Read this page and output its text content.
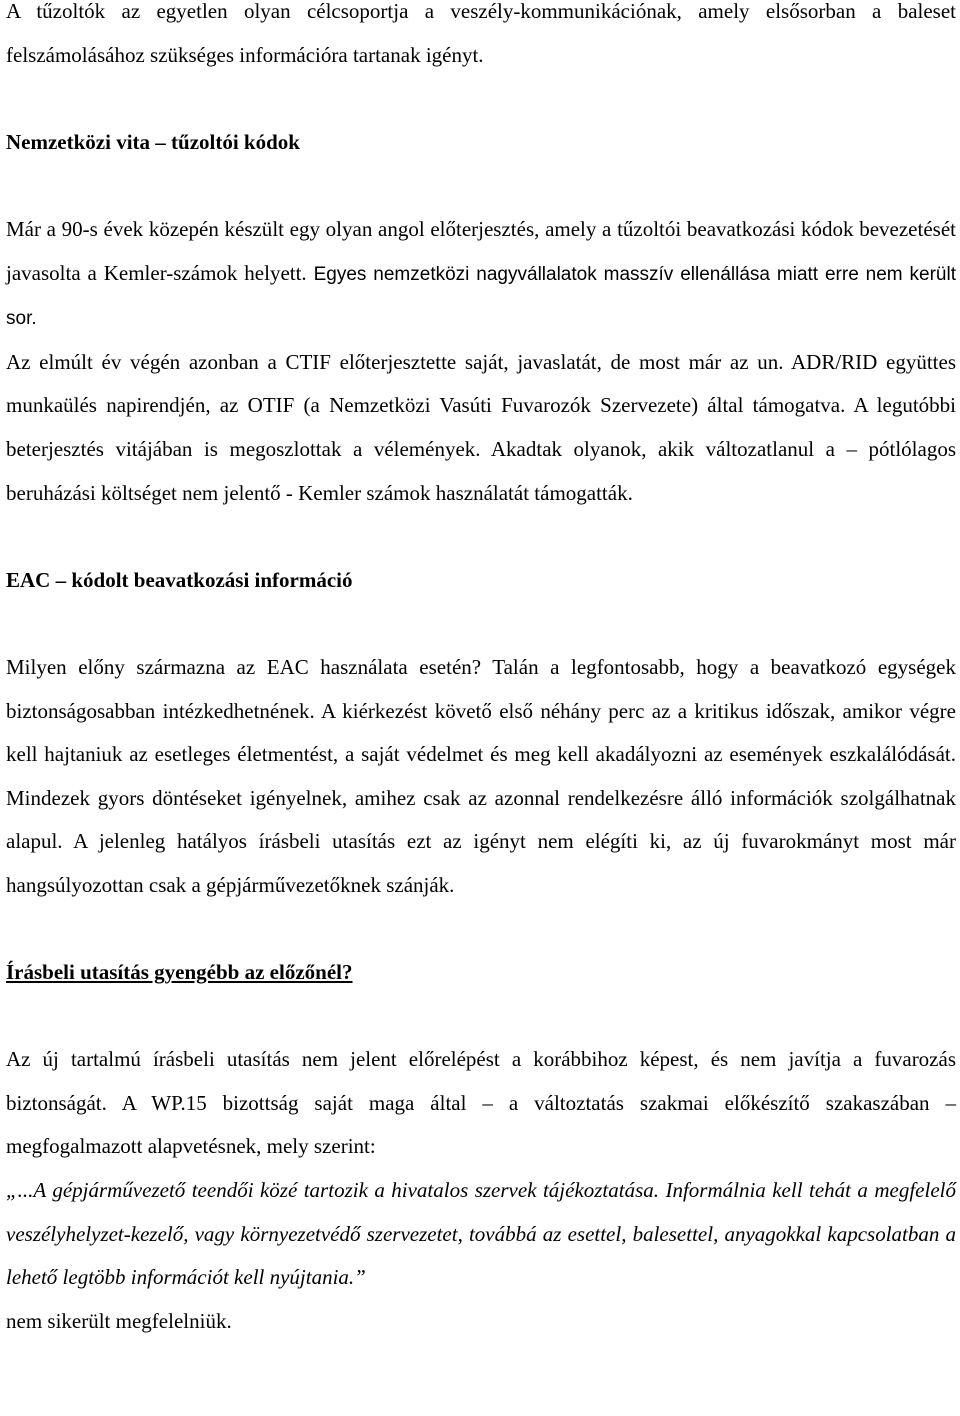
A tűzoltók az egyetlen olyan célcsoportja a veszély-kommunikációnak, amely elsősorban a baleset felszámolásához szükséges információra tartanak igényt.

Nemzetközi vita – tűzoltói kódok

Már a 90-s évek közepén készült egy olyan angol előterjesztés, amely a tűzoltói beavatkozási kódok bevezetését javasolta a Kemler-számok helyett. Egyes nemzetközi nagyvállalatok masszív ellenállása miatt erre nem került sor.

Az elmúlt év végén azonban a CTIF előterjesztette saját, javaslatát, de most már az un. ADR/RID együttes munkaülés napirendjén, az OTIF (a Nemzetközi Vasúti Fuvarozók Szervezete) által támogatva. A legutóbbi beterjesztés vitájában is megoszlottak a vélemények. Akadtak olyanok, akik változatlanul a – pótlólagos beruházási költséget nem jelentő - Kemler számok használatát támogatták.

EAC – kódolt beavatkozási információ

Milyen előny származna az EAC használata esetén? Talán a legfontosabb, hogy a beavatkozó egységek biztonságosabban intézkedhetnének. A kiérkezést követő első néhány perc az a kritikus időszak, amikor végre kell hajtaniuk az esetleges életmentést, a saját védelmet és meg kell akadályozni az események eszkalálódását. Mindezek gyors döntéseket igényelnek, amihez csak az azonnal rendelkezésre álló információk szolgálhatnak alapul. A jelenleg hatályos írásbeli utasítás ezt az igényt nem elégíti ki, az új fuvarokmányt most már hangsúlyozottan csak a gépjárművezetőknek szánják.

Írásbeli utasítás gyengébb az előzőnél?

Az új tartalmú írásbeli utasítás nem jelent előrelépést a korábbihoz képest, és nem javítja a fuvarozás biztonságát. A WP.15 bizottság saját maga által – a változtatás szakmai előkészítő szakaszában – megfogalmazott alapvetésnek, mely szerint:

„...A gépjárművezető teendői közé tartozik a hivatalos szervek tájékoztatása. Informálnia kell tehát a megfelelő veszélyhelyzet-kezelő, vagy környezetvédő szervezetet, továbbá az esettel, balesettel, anyagokkal kapcsolatban a lehető legtöbb információt kell nyújtania.”

nem sikerült megfelelniük.
